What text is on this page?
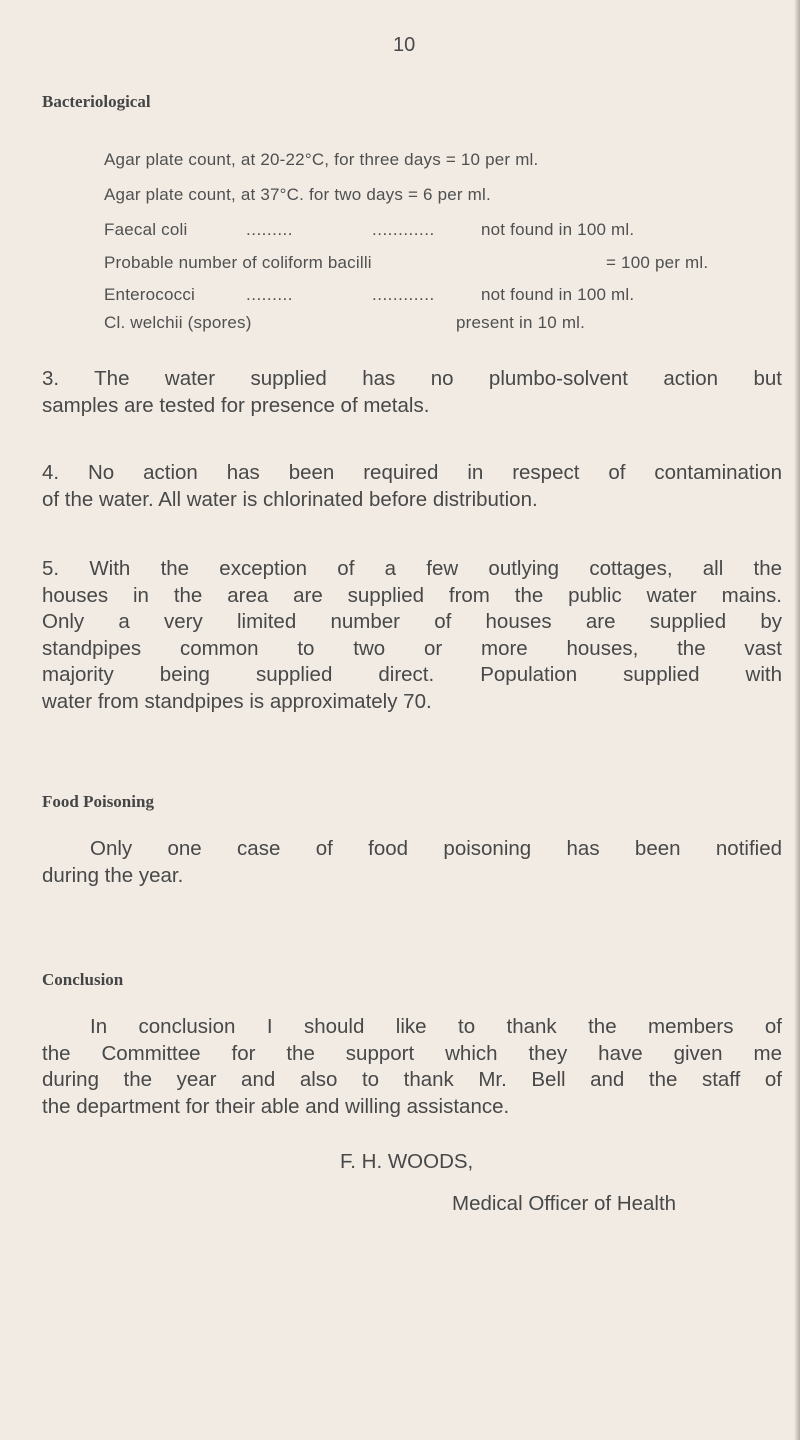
10
Bacteriological
Agar plate count, at 20-22°C, for three days = 10 per ml.
Agar plate count, at 37°C. for two days = 6 per ml.
Faecal coli	.........	............	not found in 100 ml.
Probable number of coliform bacilli	= 100 per ml.
Enterococci	.........	............	not found in 100 ml.
Cl. welchii (spores)	present in 10 ml.
3. The water supplied has no plumbo-solvent action but
samples are tested for presence of metals.
4. No action has been required in respect of contamination
of the water. All water is chlorinated before distribution.
5. With the exception of a few outlying cottages, all the
houses in the area are supplied from the public water mains.
Only a very limited number of houses are supplied by
standpipes common to two or more houses, the vast
majority being supplied direct. Population supplied with
water from standpipes is approximately 70.
Food Poisoning
Only one case of food poisoning has been notified
during the year.
Conclusion
In conclusion I should like to thank the members of
the Committee for the support which they have given me
during the year and also to thank Mr. Bell and the staff of
the department for their able and willing assistance.
F. H. WOODS,
Medical Officer of Health
